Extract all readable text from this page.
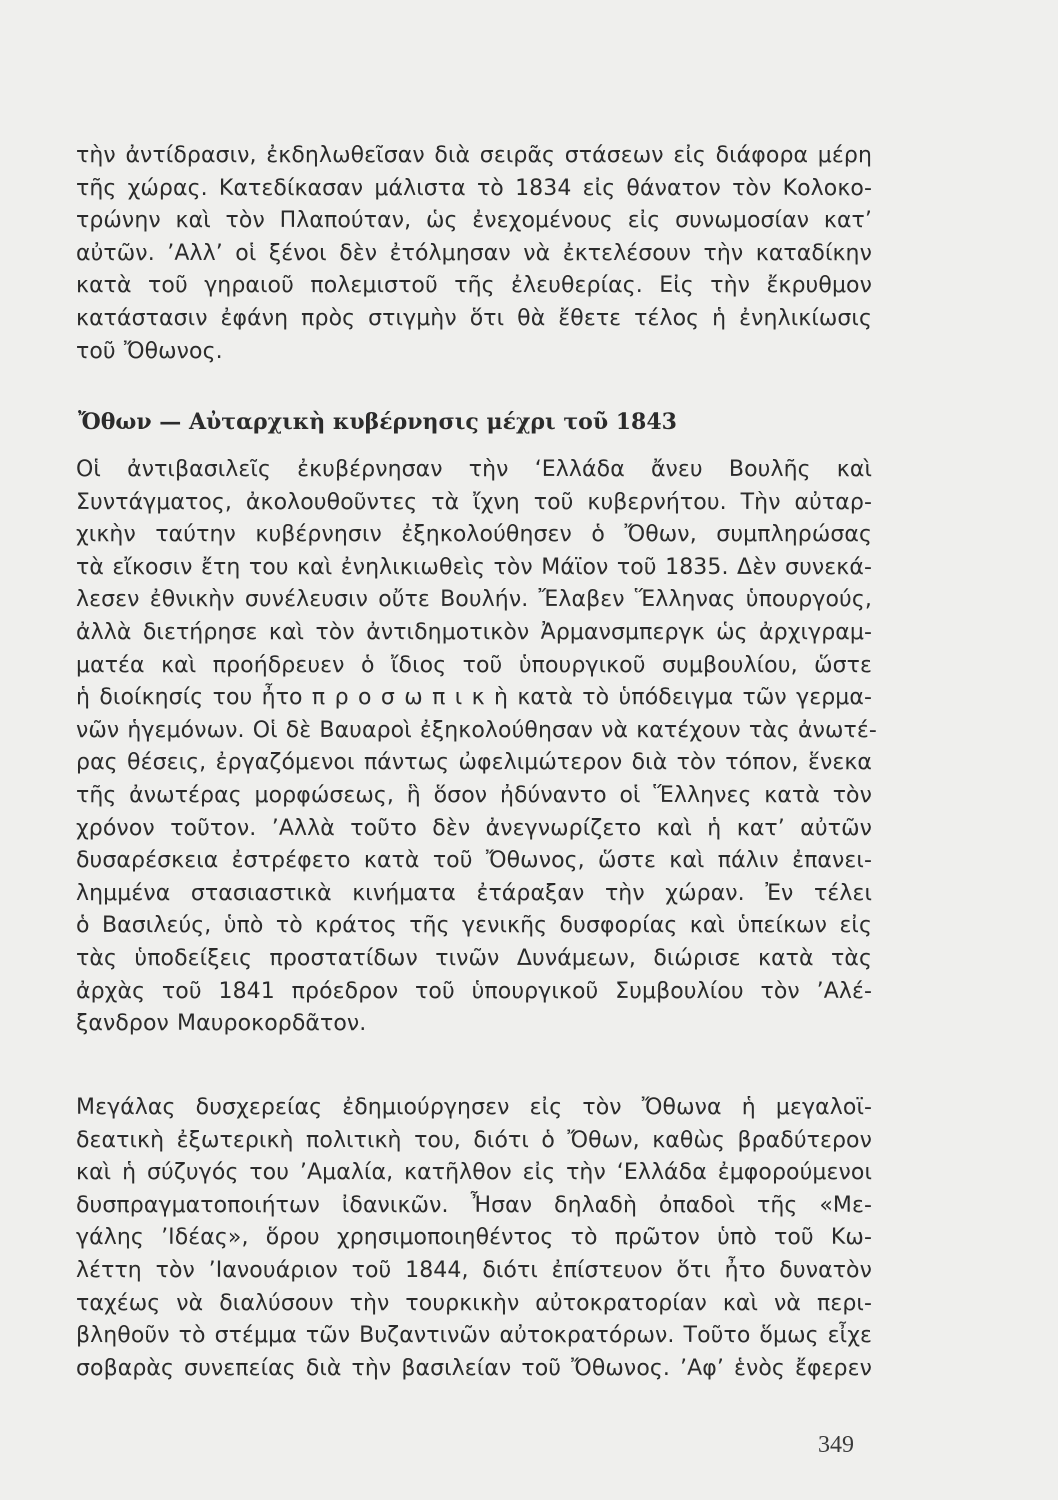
τὴν ἀντίδρασιν, ἐκδηλωθεῖσαν διὰ σειρᾶς στάσεων εἰς διάφορα μέρη
τῆς χώρας. Κατεδίκασαν μάλιστα τὸ 1834 εἰς θάνατον τὸν Κολοκο-
τρώνην καὶ τὸν Πλαπούταν, ὡς ἐνεχομένους εἰς συνωμοσίαν κατ’
αὐτῶν. ’Αλλ’ οἱ ξένοι δὲν ἐτόλμησαν νὰ ἐκτελέσουν τὴν καταδίκην
κατὰ τοῦ γηραιοῦ πολεμιστοῦ τῆς ἐλευθερίας. Εἰς τὴν ἔκρυθμον
κατάστασιν ἐφάνη πρὸς στιγμὴν ὅτι θὰ ἔθετε τέλος ἡ ἐνηλικίωσις
τοῦ Ὄθωνος.
Ὄθων — Αὐταρχικὴ κυβέρνησις μέχρι τοῦ 1843
Οἱ ἀντιβασιλεῖς ἐκυβέρνησαν τὴν ‘Ελλάδα ἄνευ Βουλῆς καὶ
Συντάγματος, ἀκολουθοῦντες τὰ ἴχνη τοῦ κυβερνήτου. Τὴν αὐταρ-
χικὴν ταύτην κυβέρνησιν ἐξηκολούθησεν ὁ Ὄθων, συμπληρώσας
τὰ εἴκοσιν ἔτη του καὶ ἐνηλικιωθεὶς τὸν Μάϊον τοῦ 1835. Δὲν συνεκά-
λεσεν ἐθνικὴν συνέλευσιν οὔτε Βουλήν. Ἔλαβεν Ἕλληνας ὑπουργούς,
ἀλλὰ διετήρησε καὶ τὸν ἀντιδημοτικὸν Ἀρμανσμπεργκ ὡς ἀρχιγραμ-
ματέα καὶ προήδρευεν ὁ ἴδιος τοῦ ὑπουργικοῦ συμβουλίου, ὥστε
ἡ διοίκησίς του ἦτο π ρ ο σ ω π ι κ ὴ κατὰ τὸ ὑπόδειγμα τῶν γερμα-
νῶν ἡγεμόνων. Οἱ δὲ Βαυαροὶ ἐξηκολούθησαν νὰ κατέχουν τὰς ἀνωτέ-
ρας θέσεις, ἐργαζόμενοι πάντως ὠφελιμώτερον διὰ τὸν τόπον, ἕνεκα
τῆς ἀνωτέρας μορφώσεως, ἣ ὅσον ἠδύναντο οἱ Ἕλληνες κατὰ τὸν
χρόνον τοῦτον. ’Αλλὰ τοῦτο δὲν ἀνεγνωρίζετο καὶ ἡ κατ’ αὐτῶν
δυσαρέσκεια ἐστρέφετο κατὰ τοῦ Ὄθωνος, ὥστε καὶ πάλιν ἐπανει-
λημμένα στασιαστικὰ κινήματα ἐτάραξαν τὴν χώραν. Ἐν τέλει
ὁ Βασιλεύς, ὑπὸ τὸ κράτος τῆς γενικῆς δυσφορίας καὶ ὑπείκων εἰς
τὰς ὑποδείξεις προστατίδων τινῶν Δυνάμεων, διώρισε κατὰ τὰς
ἀρχὰς τοῦ 1841 πρόεδρον τοῦ ὑπουργικοῦ Συμβουλίου τὸν ’Αλέ-
ξανδρον Μαυροκορδᾶτον.
Μεγάλας δυσχερείας ἐδημιούργησεν εἰς τὸν Ὄθωνα ἡ μεγαλοϊ-
δεατικὴ ἐξωτερικὴ πολιτικὴ του, διότι ὁ Ὄθων, καθὼς βραδύτερον
καὶ ἡ σύζυγός του ’Αμαλία, κατῆλθον εἰς τὴν ‘Ελλάδα ἐμφορούμενοι
δυσπραγματοποιήτων ἰδανικῶν. Ἦσαν δηλαδὴ ὀπαδοὶ τῆς «Με-
γάλης ’Ιδέας», ὅρου χρησιμοποιηθέντος τὸ πρῶτον ὑπὸ τοῦ Κω-
λέττη τὸν ’Ιανουάριον τοῦ 1844, διότι ἐπίστευον ὅτι ἦτο δυνατὸν
ταχέως νὰ διαλύσουν τὴν τουρκικὴν αὐτοκρατορίαν καὶ νὰ περι-
βληθοῦν τὸ στέμμα τῶν Βυζαντινῶν αὐτοκρατόρων. Τοῦτο ὅμως εἶχε
σοβαρὰς συνεπείας διὰ τὴν βασιλείαν τοῦ Ὄθωνος. ’Αφ’ ἑνὸς ἔφερεν
349
